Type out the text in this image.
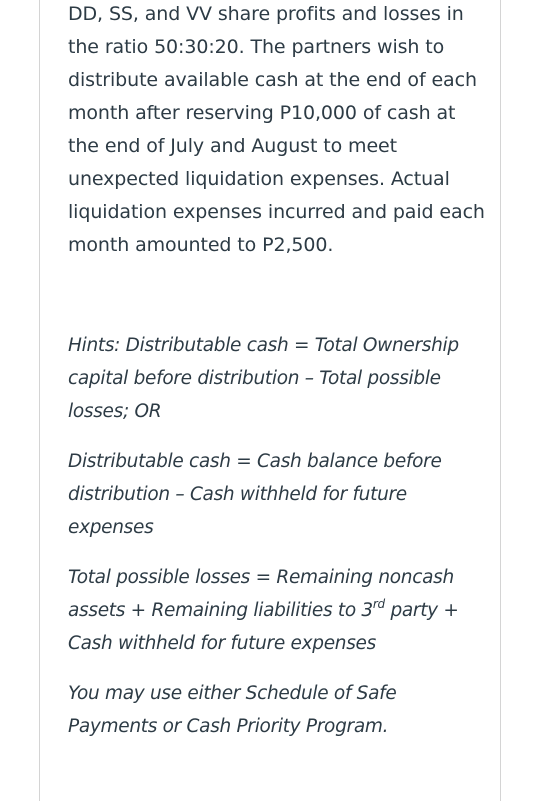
DD, SS, and VV share profits and losses in the ratio 50:30:20. The partners wish to distribute available cash at the end of each month after reserving P10,000 of cash at the end of July and August to meet unexpected liquidation expenses. Actual liquidation expenses incurred and paid each month amounted to P2,500.

Hints: Distributable cash = Total Ownership capital before distribution – Total possible losses; OR

Distributable cash = Cash balance before distribution – Cash withheld for future expenses

Total possible losses = Remaining noncash assets + Remaining liabilities to 3rd party + Cash withheld for future expenses

You may use either Schedule of Safe Payments or Cash Priority Program.
